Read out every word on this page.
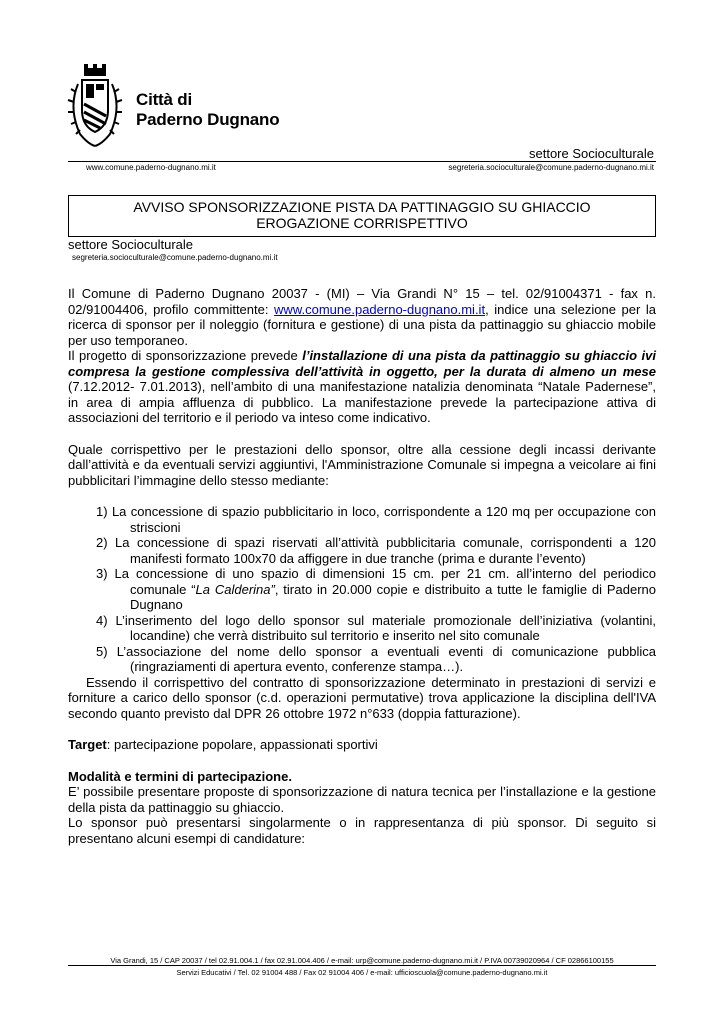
Città di
Paderno Dugnano
settore Socioculturale
www.comune.paderno-dugnano.mi.it	segreteria.socioculturale@comune.paderno-dugnano.mi.it
AVVISO SPONSORIZZAZIONE PISTA DA PATTINAGGIO SU GHIACCIO
EROGAZIONE CORRISPETTIVO
settore Socioculturale
segreteria.socioculturale@comune.paderno-dugnano.mi.it

Il Comune di Paderno Dugnano 20037 - (MI) – Via Grandi N° 15 – tel. 02/91004371 - fax n. 02/91004406, profilo committente: www.comune.paderno-dugnano.mi.it, indice una selezione per la ricerca di sponsor per il noleggio (fornitura e gestione) di una pista da pattinaggio su ghiaccio mobile per uso temporaneo.

Il progetto di sponsorizzazione prevede l’installazione di una pista da pattinaggio su ghiaccio ivi compresa la gestione complessiva dell’attività in oggetto, per la durata di almeno un mese (7.12.2012- 7.01.2013), nell’ambito di una manifestazione natalizia denominata “Natale Padernese”, in area di ampia affluenza di pubblico. La manifestazione prevede la partecipazione attiva di associazioni del territorio e il periodo va inteso come indicativo.

Quale corrispettivo per le prestazioni dello sponsor, oltre alla cessione degli incassi derivante dall’attività e da eventuali servizi aggiuntivi, l'Amministrazione Comunale si impegna a veicolare ai fini pubblicitari l’immagine dello stesso mediante:

1) La concessione di spazio pubblicitario in loco, corrispondente a 120 mq per occupazione con striscioni

2) La concessione di spazi riservati all’attività pubblicitaria comunale, corrispondenti a 120 manifesti formato 100x70 da affiggere in due tranche (prima e durante l’evento)

3) La concessione di uno spazio di dimensioni 15 cm. per 21 cm. all’interno del periodico comunale “La Calderina”, tirato in 20.000 copie e distribuito a tutte le famiglie di Paderno Dugnano

4) L’inserimento del logo dello sponsor sul materiale promozionale dell’iniziativa (volantini, locandine) che verrà distribuito sul territorio e inserito nel sito comunale

5) L’associazione del nome dello sponsor a eventuali eventi di comunicazione pubblica (ringraziamenti di apertura evento, conferenze stampa…).

Essendo il corrispettivo del contratto di sponsorizzazione determinato in prestazioni di servizi e forniture a carico dello sponsor (c.d. operazioni permutative) trova applicazione la disciplina dell'IVA secondo quanto previsto dal DPR 26 ottobre 1972 n°633 (doppia fatturazione).

Target: partecipazione popolare, appassionati sportivi

Modalità e termini di partecipazione.

E’ possibile presentare proposte di sponsorizzazione di natura tecnica per l’installazione e la gestione della pista da pattinaggio su ghiaccio.

Lo sponsor può presentarsi singolarmente o in rappresentanza di più sponsor. Di seguito si presentano alcuni esempi di candidature:

Via Grandi, 15 / CAP 20037 / tel 02.91.004.1 / fax 02.91.004.406 / e-mail: urp@comune.paderno-dugnano.mi.it / P.IVA 00739020964 / CF 02866100155
Servizi Educativi / Tel. 02 91004 488 / Fax 02 91004 406 / e-mail: ufficioscuola@comune.paderno-dugnano.mi.it
